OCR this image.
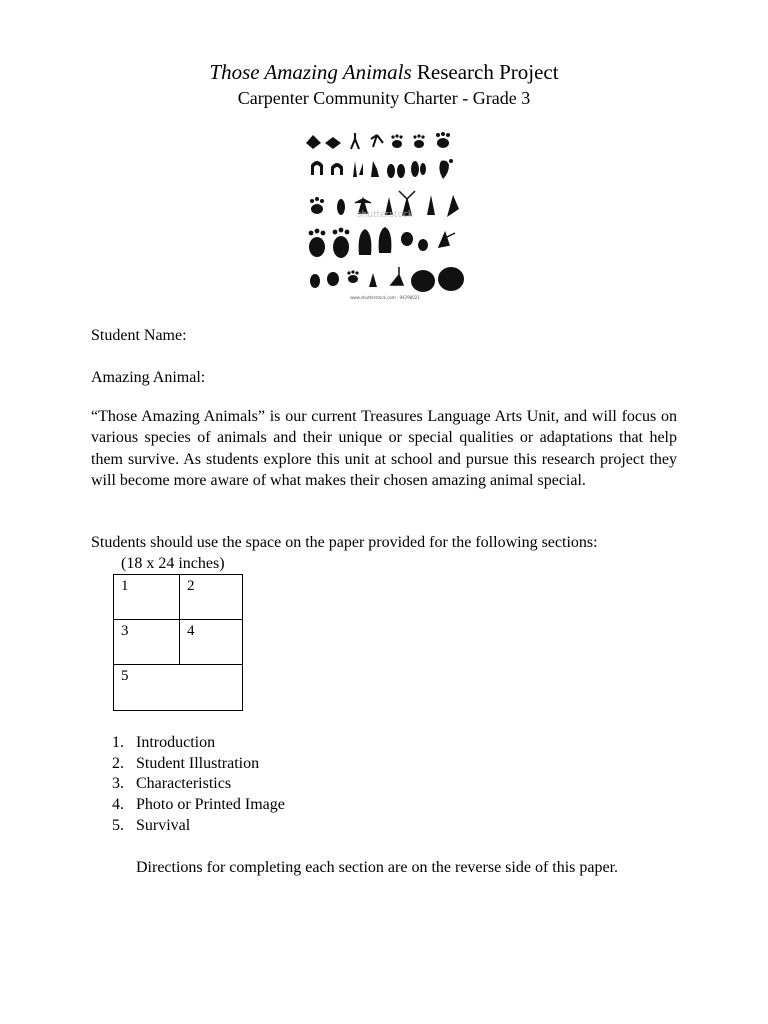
Those Amazing Animals Research Project
Carpenter Community Charter - Grade 3
shutterstock
www.shutterstock.com · 94298021
Student Name:
Amazing Animal:
“Those Amazing Animals” is our current Treasures Language Arts Unit, and will focus on various species of animals and their unique or special qualities or adaptations that help them survive. As students explore this unit at school and pursue this research project they will become more aware of what makes their chosen amazing animal special.
Students should use the space on the paper provided for the following sections:
(18 x 24 inches)
1	2
3	4
5
1. Introduction
2. Student Illustration
3. Characteristics
4. Photo or Printed Image
5. Survival
Directions for completing each section are on the reverse side of this paper.
